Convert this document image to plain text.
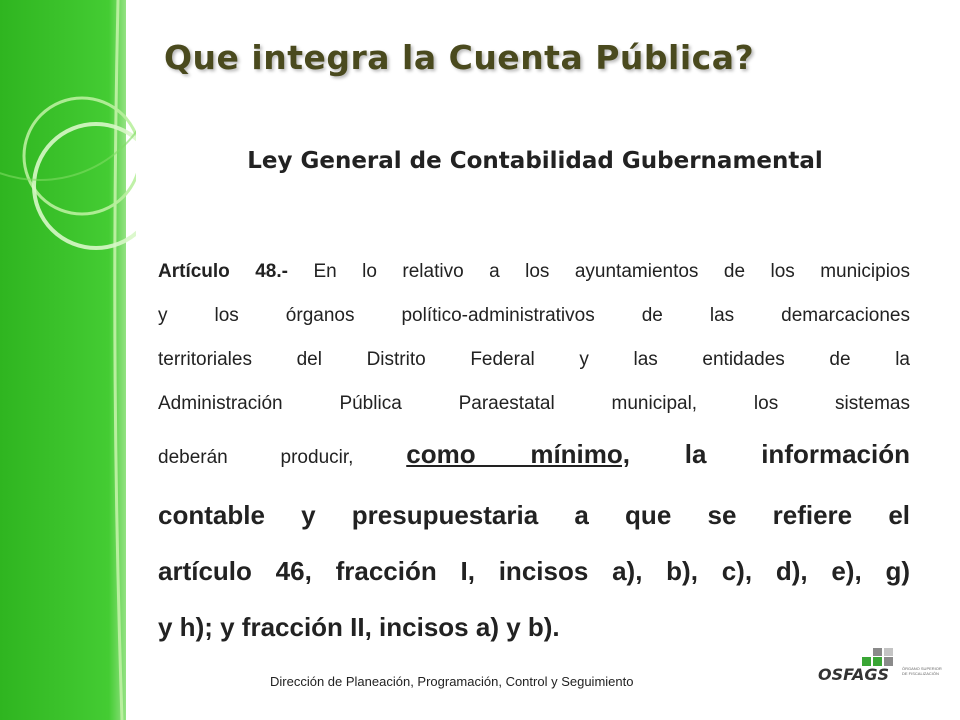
Que integra la Cuenta Pública?
Ley General de Contabilidad Gubernamental
Artículo 48.- En lo relativo a los ayuntamientos de los municipios
y los órganos político-administrativos de las demarcaciones
territoriales del Distrito Federal y las entidades de la
Administración Pública Paraestatal municipal, los sistemas
deberán producir, como mínimo, la información
contable y presupuestaria a que se refiere el
artículo 46, fracción I, incisos a), b), c), d), e), g)
y h); y fracción II, incisos a) y b).
Dirección de Planeación, Programación, Control y Seguimiento	OSFAGS	ÓRGANO SUPERIOR DE FISCALIZACIÓN
